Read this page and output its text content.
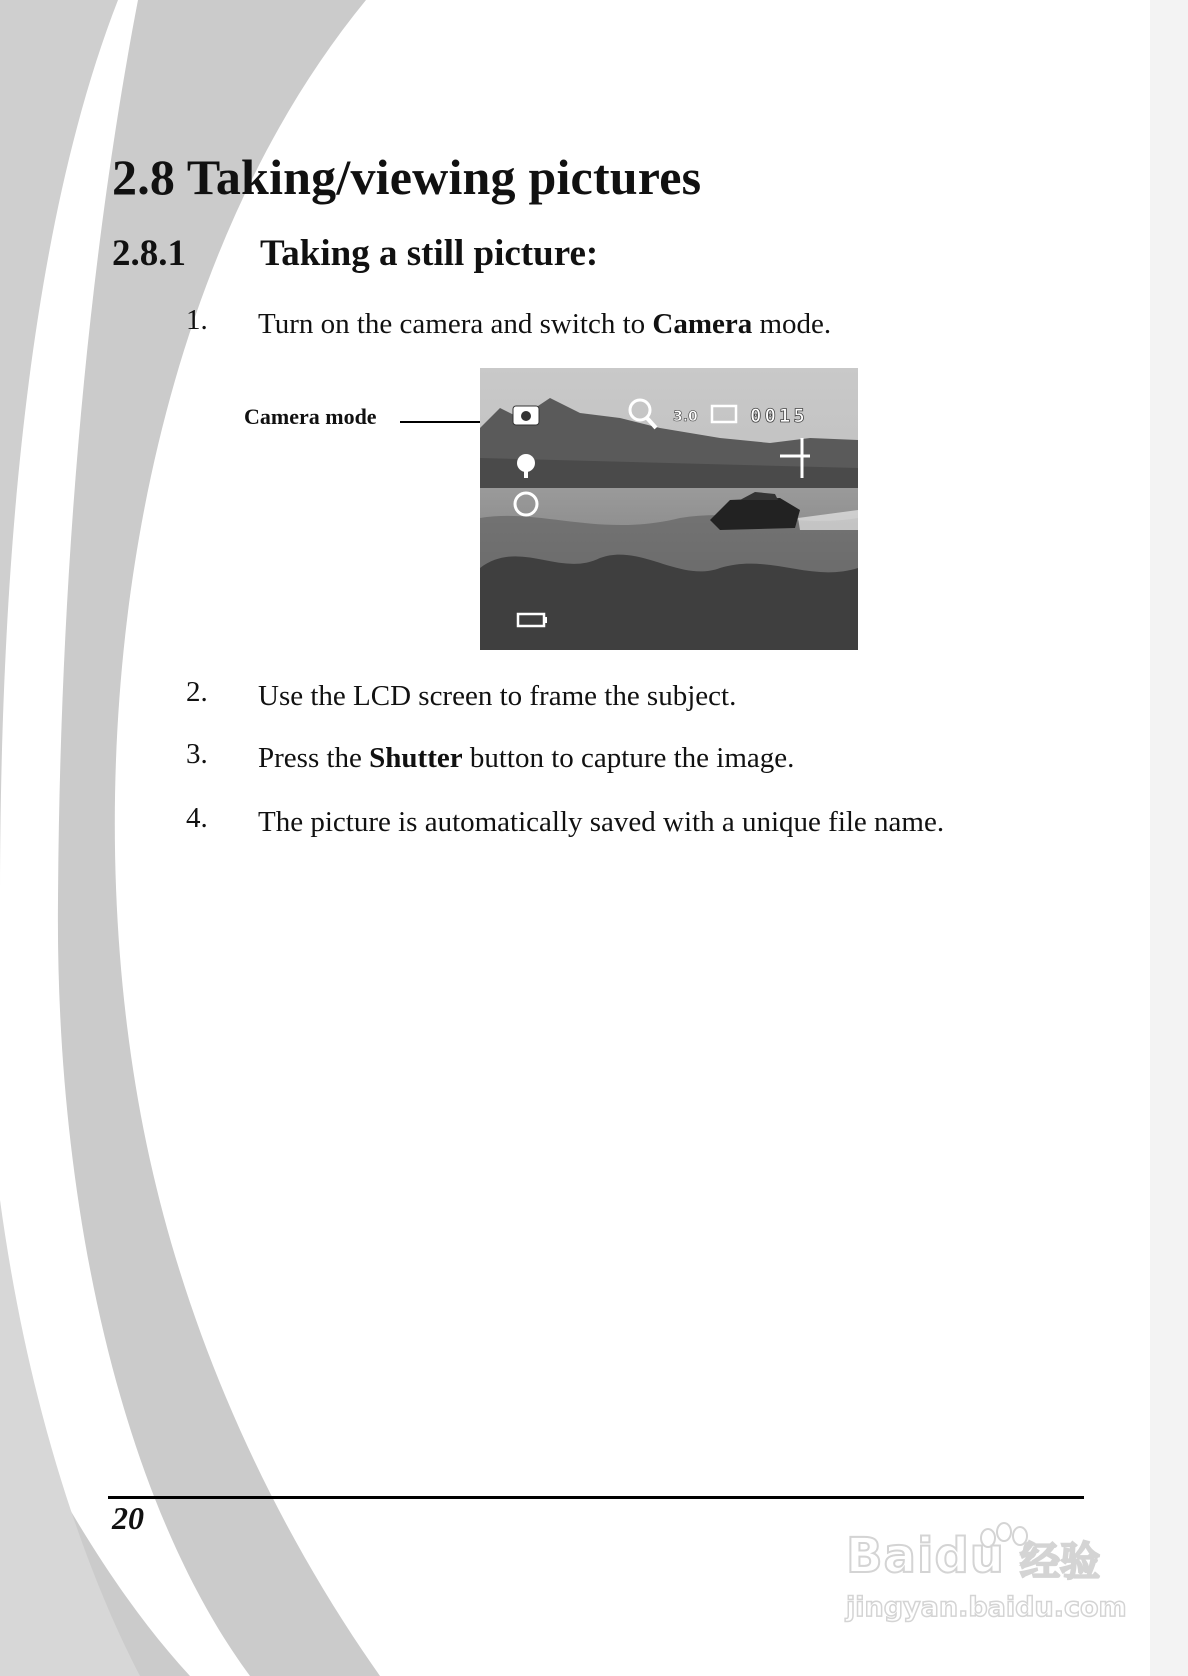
2.8 Taking/viewing pictures
2.8.1 Taking a still picture:
1. Turn on the camera and switch to Camera mode.
Camera mode	3.0	0015
2. Use the LCD screen to frame the subject.
3. Press the Shutter button to capture the image.
4. The picture is automatically saved with a unique file name.
20
Baidu 经验
jingyan.baidu.com
